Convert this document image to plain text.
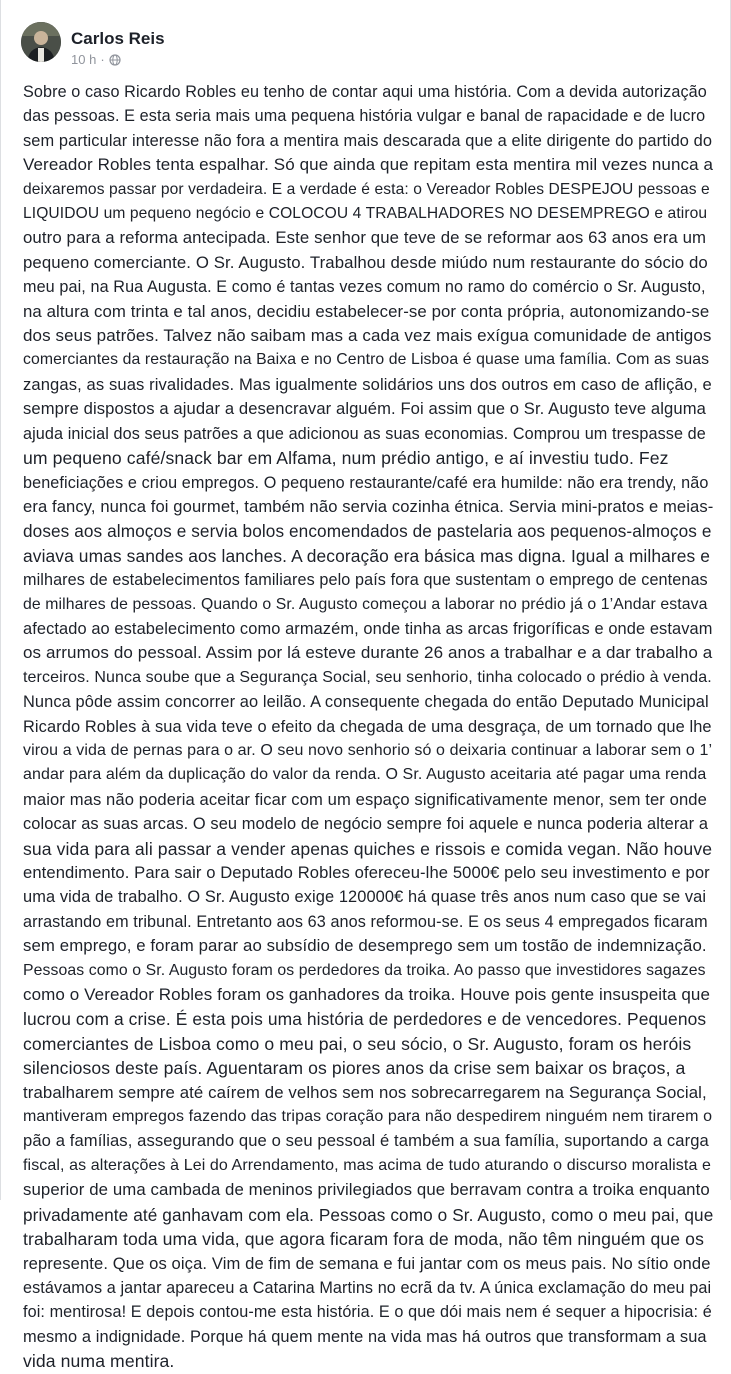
Carlos Reis
10 h ·
Sobre o caso Ricardo Robles eu tenho de contar aqui uma história. Com a devida autorização
das pessoas. E esta seria mais uma pequena história vulgar e banal de rapacidade e de lucro
sem particular interesse não fora a mentira mais descarada que a elite dirigente do partido do
Vereador Robles tenta espalhar. Só que ainda que repitam esta mentira mil vezes nunca a
deixaremos passar por verdadeira. E a verdade é esta: o Vereador Robles DESPEJOU pessoas e
LIQUIDOU um pequeno negócio e COLOCOU 4 TRABALHADORES NO DESEMPREGO e atirou
outro para a reforma antecipada. Este senhor que teve de se reformar aos 63 anos era um
pequeno comerciante. O Sr. Augusto. Trabalhou desde miúdo num restaurante do sócio do
meu pai, na Rua Augusta. E como é tantas vezes comum no ramo do comércio o Sr. Augusto,
na altura com trinta e tal anos, decidiu estabelecer-se por conta própria, autonomizando-se
dos seus patrões. Talvez não saibam mas a cada vez mais exígua comunidade de antigos
comerciantes da restauração na Baixa e no Centro de Lisboa é quase uma família. Com as suas
zangas, as suas rivalidades. Mas igualmente solidários uns dos outros em caso de aflição, e
sempre dispostos a ajudar a desencravar alguém. Foi assim que o Sr. Augusto teve alguma
ajuda inicial dos seus patrões a que adicionou as suas economias. Comprou um trespasse de
um pequeno café/snack bar em Alfama, num prédio antigo, e aí investiu tudo. Fez
beneficiações e criou empregos. O pequeno restaurante/café era humilde: não era trendy, não
era fancy, nunca foi gourmet, também não servia cozinha étnica. Servia mini-pratos e meias-
doses aos almoços e servia bolos encomendados de pastelaria aos pequenos-almoços e
aviava umas sandes aos lanches. A decoração era básica mas digna. Igual a milhares e
milhares de estabelecimentos familiares pelo país fora que sustentam o emprego de centenas
de milhares de pessoas. Quando o Sr. Augusto começou a laborar no prédio já o 1’Andar estava
afectado ao estabelecimento como armazém, onde tinha as arcas frigoríficas e onde estavam
os arrumos do pessoal. Assim por lá esteve durante 26 anos a trabalhar e a dar trabalho a
terceiros. Nunca soube que a Segurança Social, seu senhorio, tinha colocado o prédio à venda.
Nunca pôde assim concorrer ao leilão. A consequente chegada do então Deputado Municipal
Ricardo Robles à sua vida teve o efeito da chegada de uma desgraça, de um tornado que lhe
virou a vida de pernas para o ar. O seu novo senhorio só o deixaria continuar a laborar sem o 1’
andar para além da duplicação do valor da renda. O Sr. Augusto aceitaria até pagar uma renda
maior mas não poderia aceitar ficar com um espaço significativamente menor, sem ter onde
colocar as suas arcas. O seu modelo de negócio sempre foi aquele e nunca poderia alterar a
sua vida para ali passar a vender apenas quiches e rissois e comida vegan. Não houve
entendimento. Para sair o Deputado Robles ofereceu-lhe 5000€ pelo seu investimento e por
uma vida de trabalho. O Sr. Augusto exige 120000€ há quase três anos num caso que se vai
arrastando em tribunal. Entretanto aos 63 anos reformou-se. E os seus 4 empregados ficaram
sem emprego, e foram parar ao subsídio de desemprego sem um tostão de indemnização.
Pessoas como o Sr. Augusto foram os perdedores da troika. Ao passo que investidores sagazes
como o Vereador Robles foram os ganhadores da troika. Houve pois gente insuspeita que
lucrou com a crise. É esta pois uma história de perdedores e de vencedores. Pequenos
comerciantes de Lisboa como o meu pai, o seu sócio, o Sr. Augusto, foram os heróis
silenciosos deste país. Aguentaram os piores anos da crise sem baixar os braços, a
trabalharem sempre até caírem de velhos sem nos sobrecarregarem na Segurança Social,
mantiveram empregos fazendo das tripas coração para não despedirem ninguém nem tirarem o
pão a famílias, assegurando que o seu pessoal é também a sua família, suportando a carga
fiscal, as alterações à Lei do Arrendamento, mas acima de tudo aturando o discurso moralista e
superior de uma cambada de meninos privilegiados que berravam contra a troika enquanto
privadamente até ganhavam com ela. Pessoas como o Sr. Augusto, como o meu pai, que
trabalharam toda uma vida, que agora ficaram fora de moda, não têm ninguém que os
represente. Que os oiça. Vim de fim de semana e fui jantar com os meus pais. No sítio onde
estávamos a jantar apareceu a Catarina Martins no ecrã da tv. A única exclamação do meu pai
foi: mentirosa! E depois contou-me esta história. E o que dói mais nem é sequer a hipocrisia: é
mesmo a indignidade. Porque há quem mente na vida mas há outros que transformam a sua
vida numa mentira.
